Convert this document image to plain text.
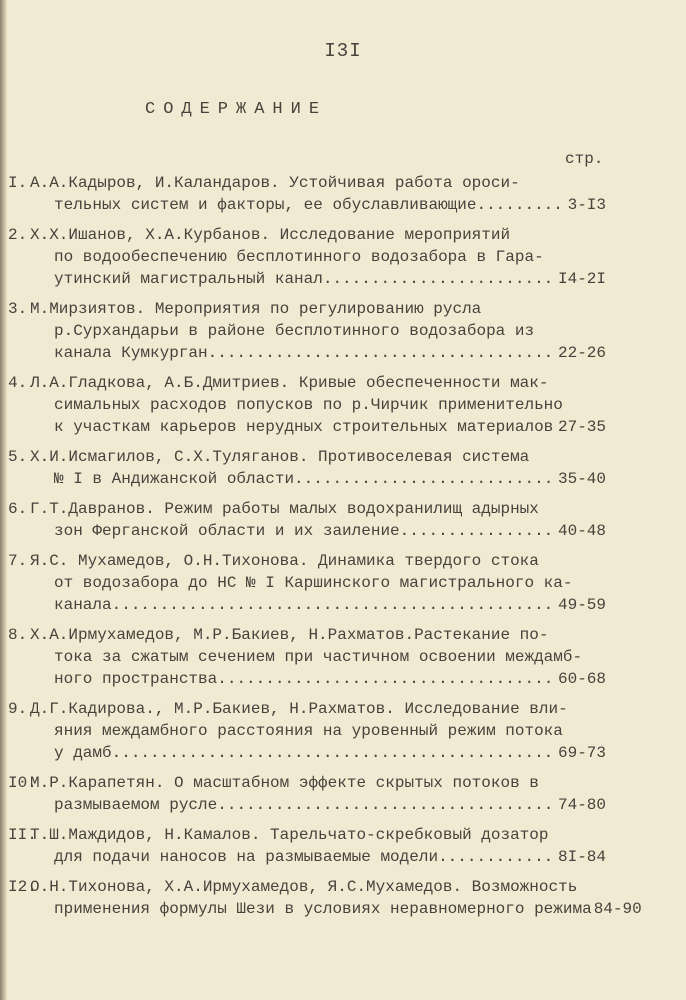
I3I
СОДЕРЖАНИЕ
стр.
I. А.А.Кадыров, И.Каландаров. Устойчивая работа ороси-
тельных систем и факторы, ее обуславливающие .....	3-I3
2. Х.Х.Ишанов, Х.А.Курбанов. Исследование мероприятий
по водообеспечению бесплотинного водозабора в Гара-
утинский магистральный канал .....	I4-2I
3. М.Мирзиятов. Мероприятия по регулированию русла
р.Сурхандарьи в районе бесплотинного водозабора из
канала Кумкурган .....	22-26
4. Л.А.Гладкова, А.Б.Дмитриев. Кривые обеспеченности мак-
симальных расходов попусков по р.Чирчик применительно
к участкам карьеров нерудных строительных материалов ..... 27-35
5. Х.И.Исмагилов, С.Х.Туляганов. Противоселевая система
№ I в Андижанской области .....	35-40
6. Г.Т.Давранов. Режим работы малых водохранилищ адырных
зон Ферганской области и их заиление .....	40-48
7. Я.С. Мухамедов, О.Н.Тихонова. Динамика твердого стока
от водозабора до НС № I Каршинского магистрального ка-
канала .....	49-59
8. Х.А.Ирмухамедов, М.Р.Бакиев, Н.Рахматов.Растекание по-
тока за сжатым сечением при частичном освоении междамб-
ного пространства .....	60-68
9. Д.Г.Кадирова., М.Р.Бакиев, Н.Рахматов. Исследование вли-
яния междамбного расстояния на уровенный режим потока
у дамб .....	69-73
I0.М.Р.Карапетян. О масштабном эффекте скрытых потоков в
размываемом русле .....	74-80
II.Т.Ш.Маждидов, Н.Камалов. Тарельчато-скребковый дозатор
для подачи наносов на размываемые модели .....	8I-84
I2.О.Н.Тихонова, Х.А.Ирмухамедов, Я.С.Мухамедов. Возможность
применения формулы Шези в условиях неравномерного режима 84-90
